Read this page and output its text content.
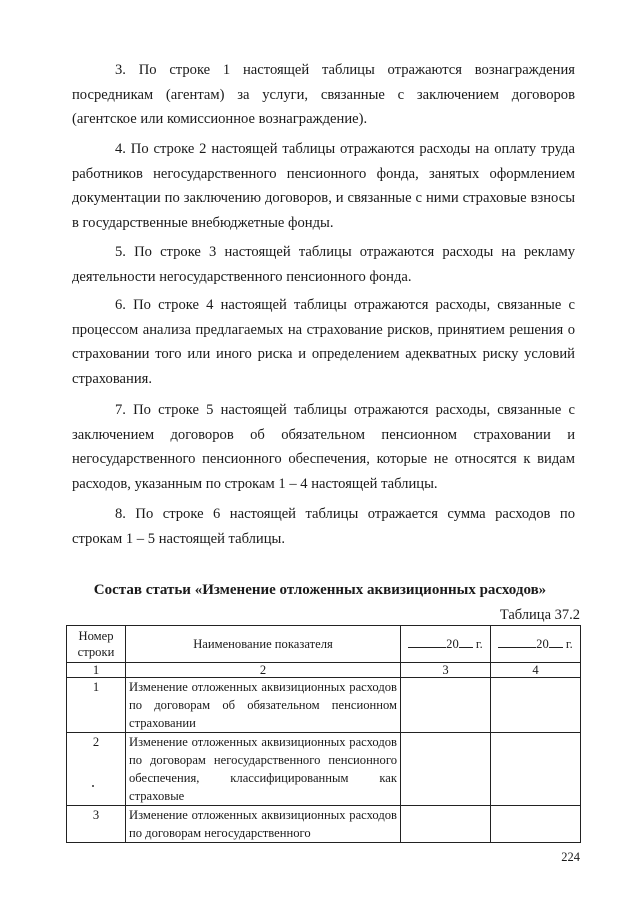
3. По строке 1 настоящей таблицы отражаются вознаграждения посредникам (агентам) за услуги, связанные с заключением договоров (агентское или комиссионное вознаграждение).

4. По строке 2 настоящей таблицы отражаются расходы на оплату труда работников негосударственного пенсионного фонда, занятых оформлением документации по заключению договоров, и связанные с ними страховые взносы в государственные внебюджетные фонды.

5. По строке 3 настоящей таблицы отражаются расходы на рекламу деятельности негосударственного пенсионного фонда.

6. По строке 4 настоящей таблицы отражаются расходы, связанные с процессом анализа предлагаемых на страхование рисков, принятием решения о страховании того или иного риска и определением адекватных риску условий страхования.

7. По строке 5 настоящей таблицы отражаются расходы, связанные с заключением договоров об обязательном пенсионном страховании и негосударственного пенсионного обеспечения, которые не относятся к видам расходов, указанным по строкам 1 – 4 настоящей таблицы.

8. По строке 6 настоящей таблицы отражается сумма расходов по строкам 1 – 5 настоящей таблицы.

Состав статьи «Изменение отложенных аквизиционных расходов»

Таблица 37.2

Номер строки	Наименование показателя	20 г.	20 г.
1	2	3	4
1	Изменение отложенных аквизиционных расходов по договорам об обязательном пенсионном страховании		
2	Изменение отложенных аквизиционных расходов по договорам негосударственного пенсионного обеспечения, классифицированным как страховые		
3	Изменение отложенных аквизиционных расходов по договорам негосударственного		
224
